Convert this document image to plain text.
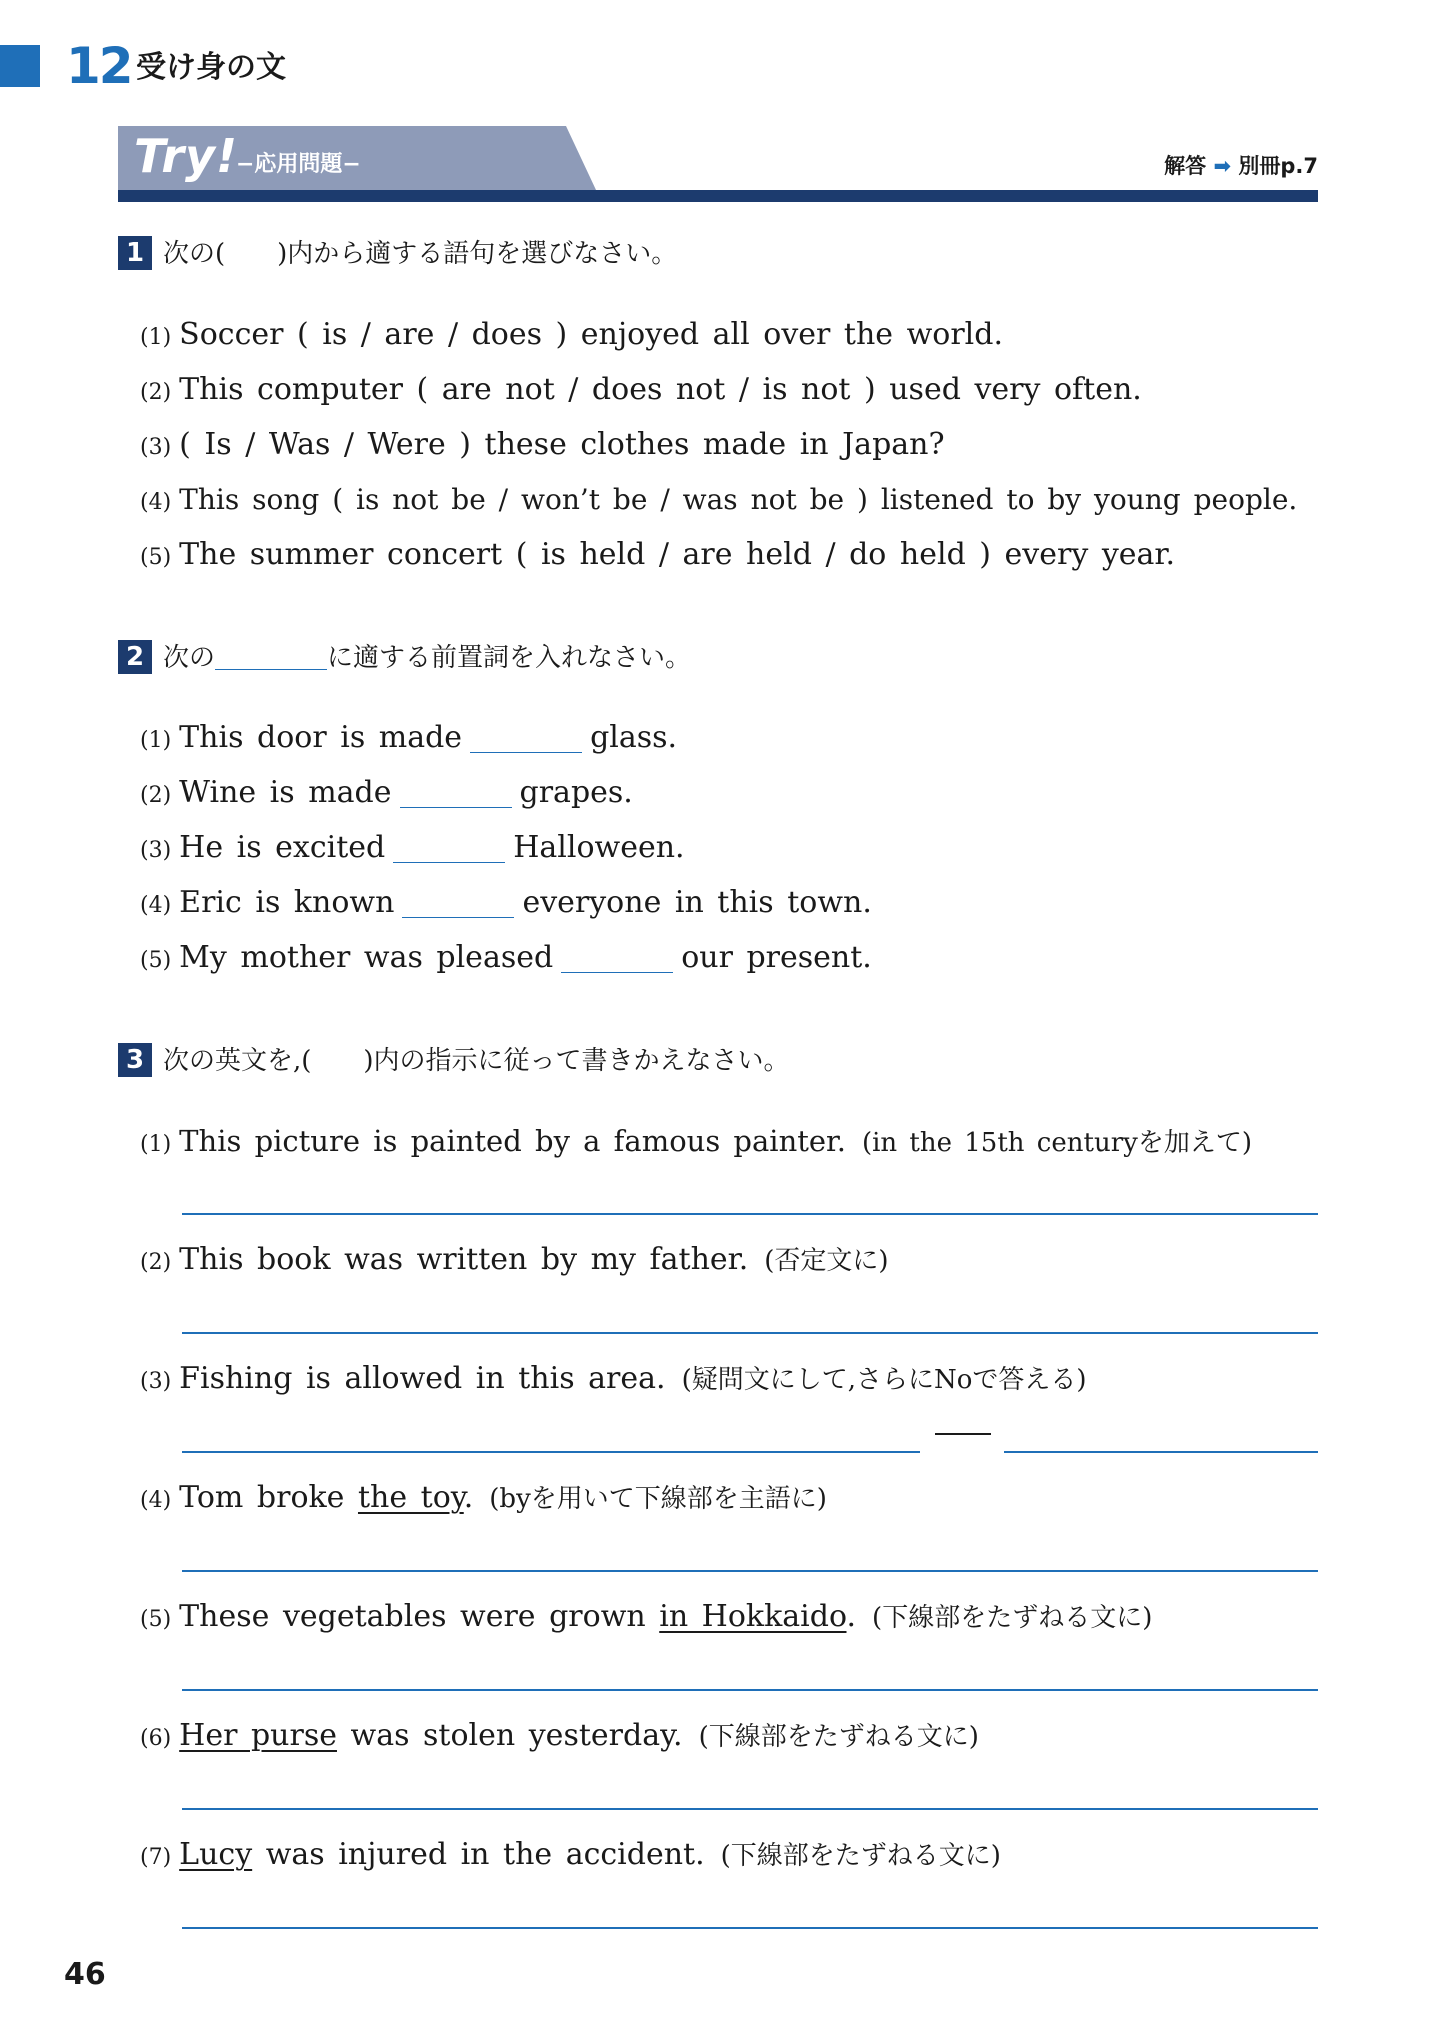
12 受け身の文
Try!
−応用問題−	解答 ➡ 別冊p.7
1 次の(　　)内から適する語句を選びなさい。
(1) Soccer ( is / are / does ) enjoyed all over the world.
(2) This computer ( are not / does not / is not ) used very often.
(3) ( Is / Was / Were ) these clothes made in Japan?
(4) This song ( is not be / won’t be / was not be ) listened to by young people.
(5) The summer concert ( is held / are held / do held ) every year.
2 次の	に適する前置詞を入れなさい。
(1) This door is made	glass.
(2) Wine is made	grapes.
(3) He is excited	Halloween.
(4) Eric is known	everyone in this town.
(5) My mother was pleased	our present.
3 次の英文を,(　　)内の指示に従って書きかえなさい。
(1) This picture is painted by a famous painter. (in the 15th centuryを加えて)
(2) This book was written by my father. (否定文に)
(3) Fishing is allowed in this area. (疑問文にして,さらにNoで答える)
(4) Tom broke the toy. (byを用いて下線部を主語に)
(5) These vegetables were grown in Hokkaido. (下線部をたずねる文に)
(6) Her purse was stolen yesterday. (下線部をたずねる文に)
(7) Lucy was injured in the accident. (下線部をたずねる文に)
46
